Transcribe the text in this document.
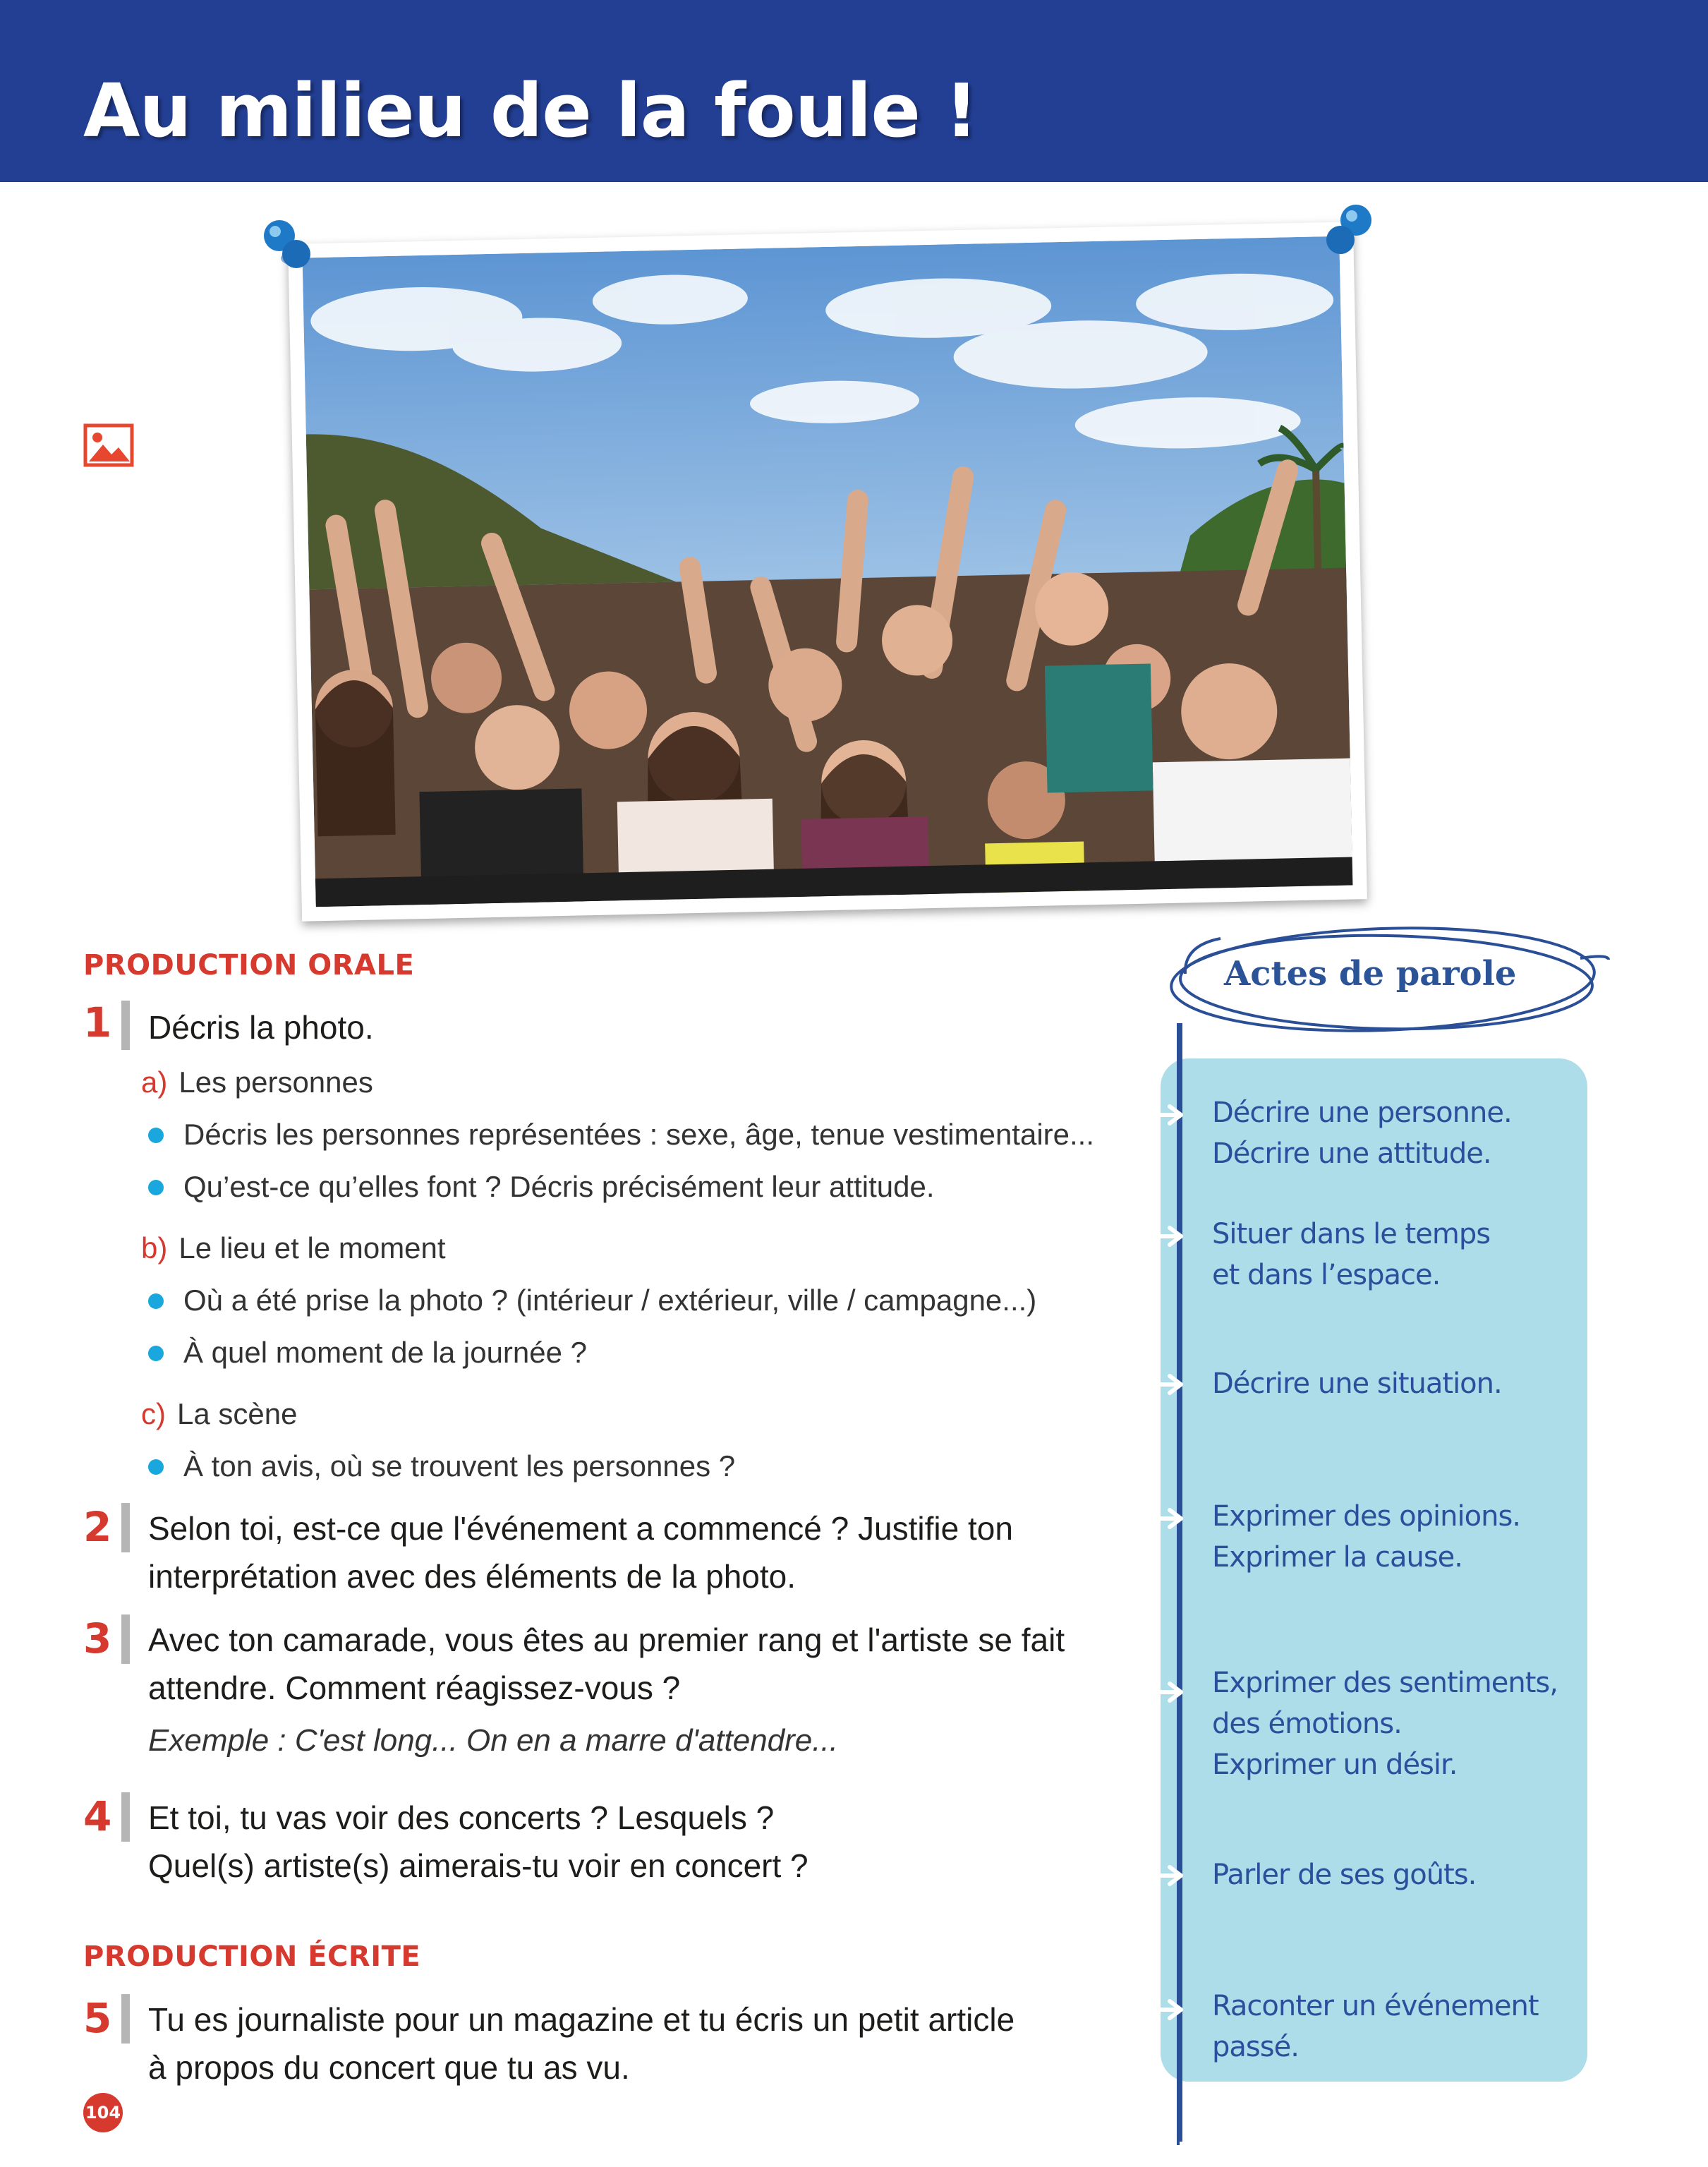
Au milieu de la foule !
PRODUCTION ORALE
1 Décris la photo.
a) Les personnes
Décris les personnes représentées : sexe, âge, tenue vestimentaire...
Qu’est-ce qu’elles font ? Décris précisément leur attitude.
b) Le lieu et le moment
Où a été prise la photo ? (intérieur / extérieur, ville / campagne...)
À quel moment de la journée ?
c) La scène
À ton avis, où se trouvent les personnes ?
2 Selon toi, est-ce que l'événement a commencé ? Justifie ton
interprétation avec des éléments de la photo.
3 Avec ton camarade, vous êtes au premier rang et l'artiste se fait
attendre. Comment réagissez-vous ?
Exemple : C'est long... On en a marre d'attendre...
4 Et toi, tu vas voir des concerts ? Lesquels ?
Quel(s) artiste(s) aimerais-tu voir en concert ?
PRODUCTION ÉCRITE
5 Tu es journaliste pour un magazine et tu écris un petit article
à propos du concert que tu as vu.
Actes de parole
Décrire une personne.
Décrire une attitude.
Situer dans le temps
et dans l’espace.
Décrire une situation.
Exprimer des opinions.
Exprimer la cause.
Exprimer des sentiments,
des émotions.
Exprimer un désir.
Parler de ses goûts.
Raconter un événement
passé.
104
